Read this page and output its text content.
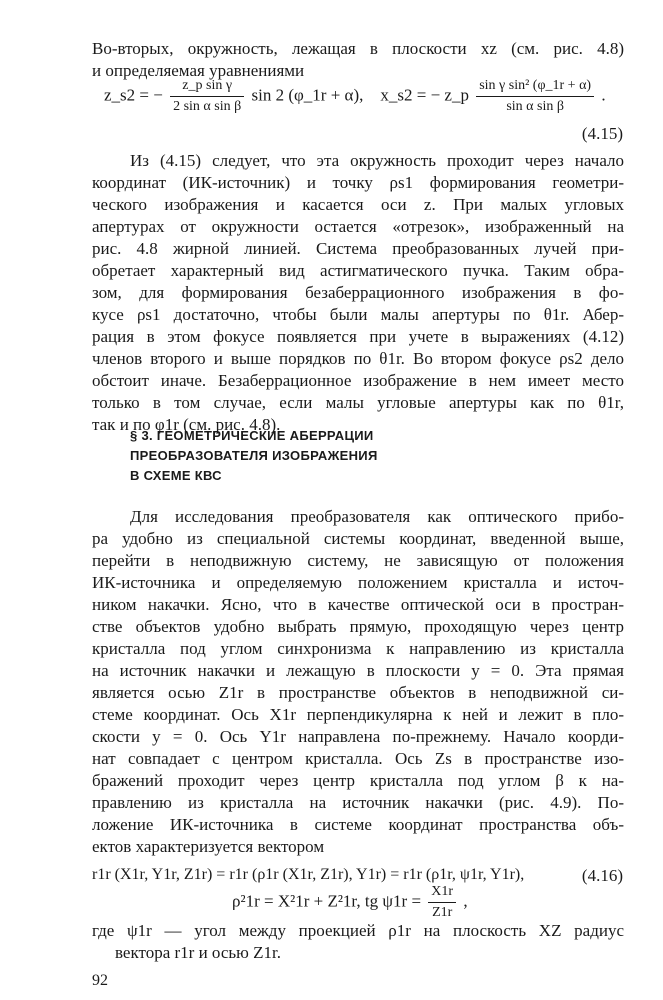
Во-вторых, окружность, лежащая в плоскости xz (см. рис. 4.8)
и определяемая уравнениями
z_s2 = − $\frac{\text{z\_p sin γ}}{\text{2 sin α sin β}}$ sin 2 (φ_1r + α), x_s2 = − z_p $\frac{\text{sin γ sin² (φ\_1r + α)}}{\text{sin α sin β}}$ .
(4.15)
Из (4.15) следует, что эта окружность проходит через начало
координат (ИК-источник) и точку ρs1 формирования геометри-
ческого изображения и касается оси z. При малых угловых
апертурах от окружности остается «отрезок», изображенный на
рис. 4.8 жирной линией. Система преобразованных лучей при-
обретает характерный вид астигматического пучка. Таким обра-
зом, для формирования безаберрационного изображения в фо-
кусе ρs1 достаточно, чтобы были малы апертуры по θ1r. Абер-
рация в этом фокусе появляется при учете в выражениях (4.12)
членов второго и выше порядков по θ1r. Во втором фокусе ρs2 дело
обстоит иначе. Безаберрационное изображение в нем имеет место
только в том случае, если малы угловые апертуры как по θ1r,
так и по φ1r (см. рис. 4.8).
§ 3. ГЕОМЕТРИЧЕСКИЕ АБЕРРАЦИИ
ПРЕОБРАЗОВАТЕЛЯ ИЗОБРАЖЕНИЯ
В СХЕМЕ КВС
Для исследования преобразователя как оптического прибо-
ра удобно из специальной системы координат, введенной выше,
перейти в неподвижную систему, не зависящую от положения
ИК-источника и определяемую положением кристалла и источ-
ником накачки. Ясно, что в качестве оптической оси в простран-
стве объектов удобно выбрать прямую, проходящую через центр
кристалла под углом синхронизма к направлению из кристалла
на источник накачки и лежащую в плоскости y = 0. Эта прямая
является осью Z1r в пространстве объектов в неподвижной си-
стеме координат. Ось X1r перпендикулярна к ней и лежит в пло-
скости y = 0. Ось Y1r направлена по-прежнему. Начало коорди-
нат совпадает с центром кристалла. Ось Zs в пространстве изо-
бражений проходит через центр кристалла под углом β к на-
правлению из кристалла на источник накачки (рис. 4.9). По-
ложение ИК-источника в системе координат пространства объ-
ектов характеризуется вектором
r1r (X1r, Y1r, Z1r) = r1r (ρ1r (X1r, Z1r), Y1r) = r1r (ρ1r, ψ1r, Y1r),	(4.16)
ρ²1r = X²1r + Z²1r, tg $\psi 1r = \frac{X1r}{Z1r}$ ,
где ψ1r — угол между проекцией ρ1r на плоскость XZ радиус
вектора r1r и осью Z1r.
92
